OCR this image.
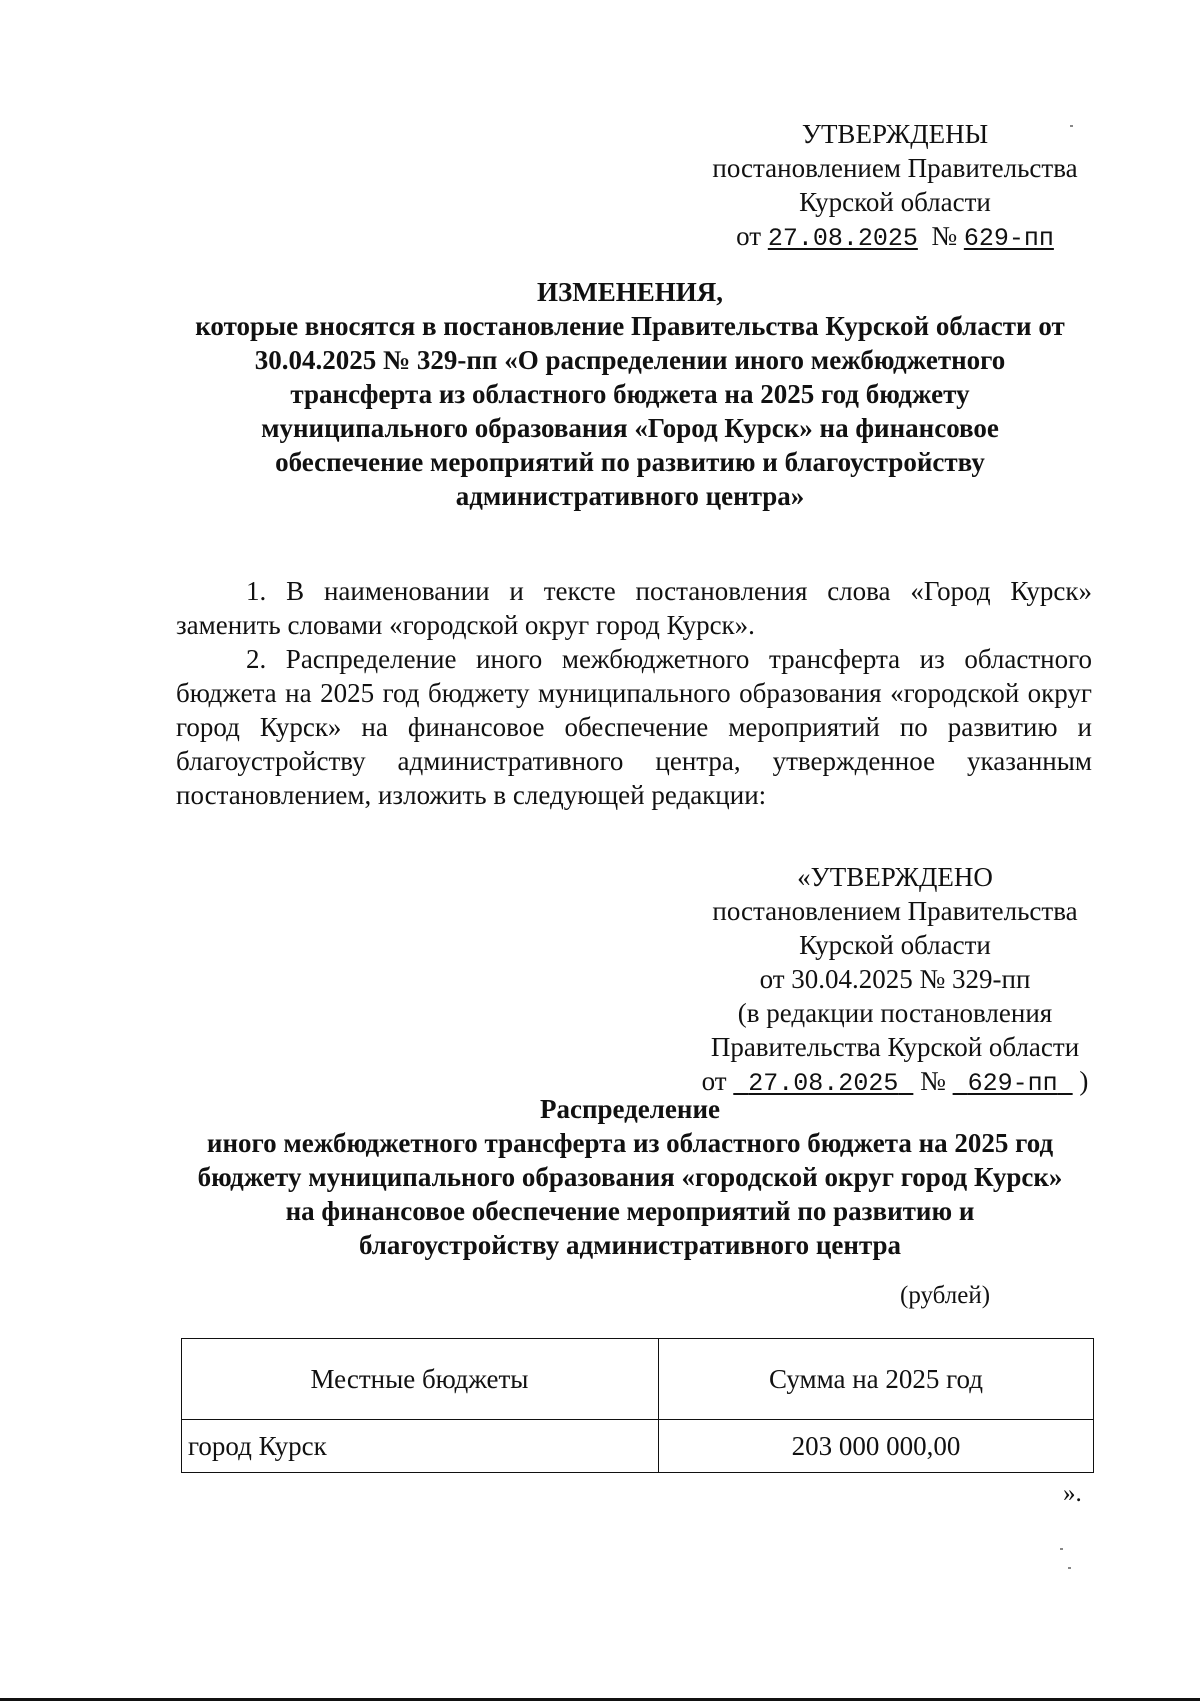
УТВЕРЖДЕНЫ
постановлением Правительства
Курской области
от 27.08.2025 № 629-пп
ИЗМЕНЕНИЯ,
которые вносятся в постановление Правительства Курской области от
30.04.2025 № 329-пп «О распределении иного межбюджетного
трансферта из областного бюджета на 2025 год бюджету
муниципального образования «Город Курск» на финансовое
обеспечение мероприятий по развитию и благоустройству
административного центра»

1. В наименовании и тексте постановления слова «Город Курск» заменить словами «городской округ город Курск».

2. Распределение иного межбюджетного трансферта из областного бюджета на 2025 год бюджету муниципального образования «городской округ город Курск» на финансовое обеспечение мероприятий по развитию и благоустройству административного центра, утвержденное указанным постановлением, изложить в следующей редакции:

«УТВЕРЖДЕНО
постановлением Правительства
Курской области
от 30.04.2025 № 329-пп
(в редакции постановления
Правительства Курской области
от 27.08.2025 № 629-пп )
Распределение
иного межбюджетного трансферта из областного бюджета на 2025 год
бюджету муниципального образования «городской округ город Курск»
на финансовое обеспечение мероприятий по развитию и
благоустройству административного центра
(рублей)
Местные бюджеты	Сумма на 2025 год
город Курск	203 000 000,00
».
